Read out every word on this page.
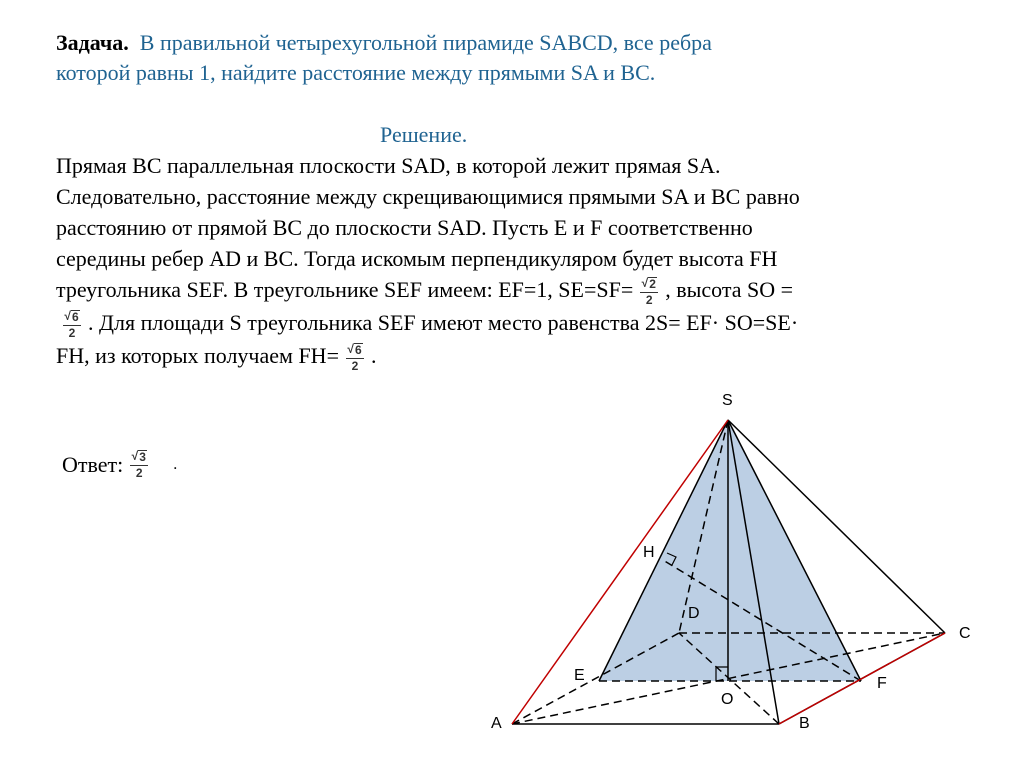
Задача. В правильной четырехугольной пирамиде SABCD, все ребра которой равны 1, найдите расстояние между прямыми SA и ВС.
Решение.
Прямая BC параллельная плоскости SAD, в которой лежит прямая SA. Следовательно, расстояние между скрещивающимися прямыми SA и BC равно расстоянию от прямой BC до плоскости SAD. Пусть E и F соответственно середины ребер AD и BC. Тогда искомым перпендикуляром будет высота FH треугольника SEF. В треугольнике SEF имеем: EF=1, $SE=SF= \frac{√ 2}{2}$ , высота SO =
$\frac{√ 6}{2}$ . Для площади S треугольника SEF имеют место равенства 2S= EF· SO=SE· FH, из которых получаем $FH= \frac{√ 6}{2}$ .
Ответ: $\frac{√ 3}{2}$ .
S
H
D
C
E	F
O
A	B
